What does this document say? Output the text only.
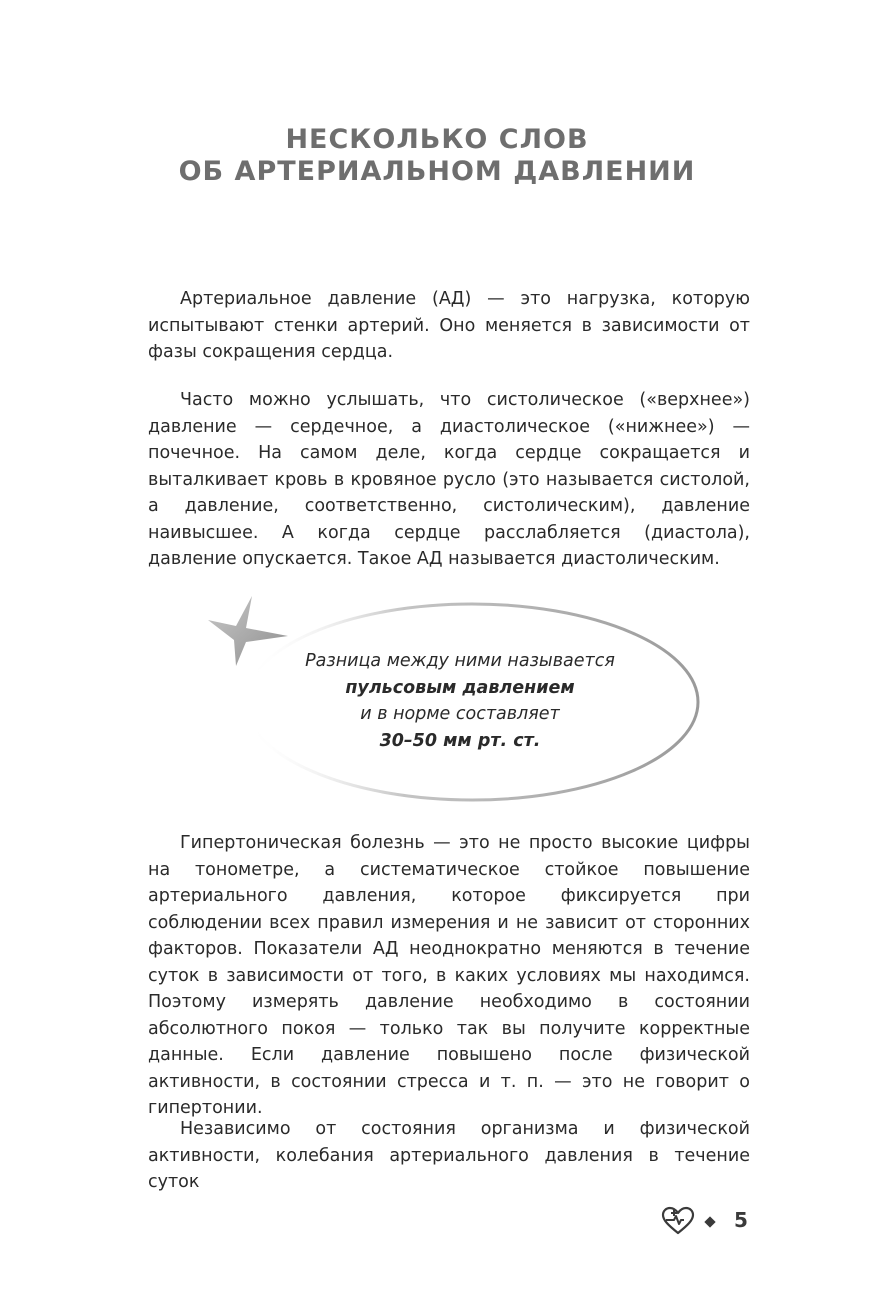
НЕСКОЛЬКО СЛОВ
ОБ АРТЕРИАЛЬНОМ ДАВЛЕНИИ

Артериальное давление (АД) — это нагрузка, которую испытывают стенки артерий. Оно меняется в зависимости от фазы сокращения сердца.

Часто можно услышать, что систолическое («верхнее») давление — сердечное, а диастолическое («нижнее») — почечное. На самом деле, когда сердце сокращается и выталкивает кровь в кровяное русло (это называется систолой, а давление, соответственно, систолическим), давление наивысшее. А когда сердце расслабляется (диастола), давление опускается. Такое АД называется диастолическим.

Разница между ними называется
пульсовым давлением
и в норме составляет
30–50 мм рт. ст.

Гипертоническая болезнь — это не просто высокие цифры на тонометре, а систематическое стойкое повышение артериального давления, которое фиксируется при соблюдении всех правил измерения и не зависит от сторонних факторов. Показатели АД неоднократно меняются в течение суток в зависимости от того, в каких условиях мы находимся. Поэтому измерять давление необходимо в состоянии абсолютного покоя — только так вы получите корректные данные. Если давление повышено после физической активности, в состоянии стресса и т. п. — это не говорит о гипертонии.

Независимо от состояния организма и физической активности, колебания артериального давления в течение суток

5
